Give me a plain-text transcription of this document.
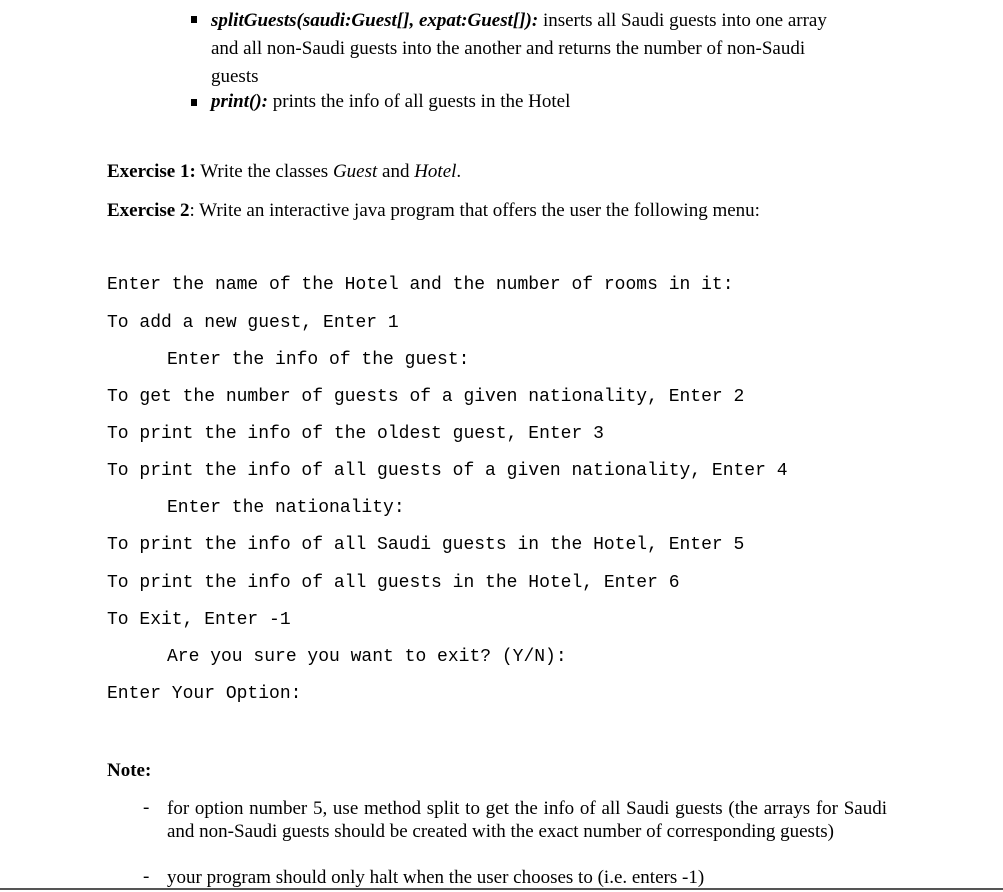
splitGuests(saudi:Guest[], expat:Guest[]): inserts all Saudi guests into one array
and all non-Saudi guests into the another and returns the number of non-Saudi
guests
print(): prints the info of all guests in the Hotel
Exercise 1: Write the classes Guest and Hotel.
Exercise 2: Write an interactive java program that offers the user the following menu:
Enter the name of the Hotel and the number of rooms in it:
To add a new guest, Enter 1
Enter the info of the guest:
To get the number of guests of a given nationality, Enter 2
To print the info of the oldest guest, Enter 3
To print the info of all guests of a given nationality, Enter 4
Enter the nationality:
To print the info of all Saudi guests in the Hotel, Enter 5
To print the info of all guests in the Hotel, Enter 6
To Exit, Enter -1
Are you sure you want to exit? (Y/N):
Enter Your Option:
Note:
- for option number 5, use method split to get the info of all Saudi guests (the arrays for Saudi and non-Saudi guests should be created with the exact number of corresponding guests)
- your program should only halt when the user chooses to (i.e. enters -1)
